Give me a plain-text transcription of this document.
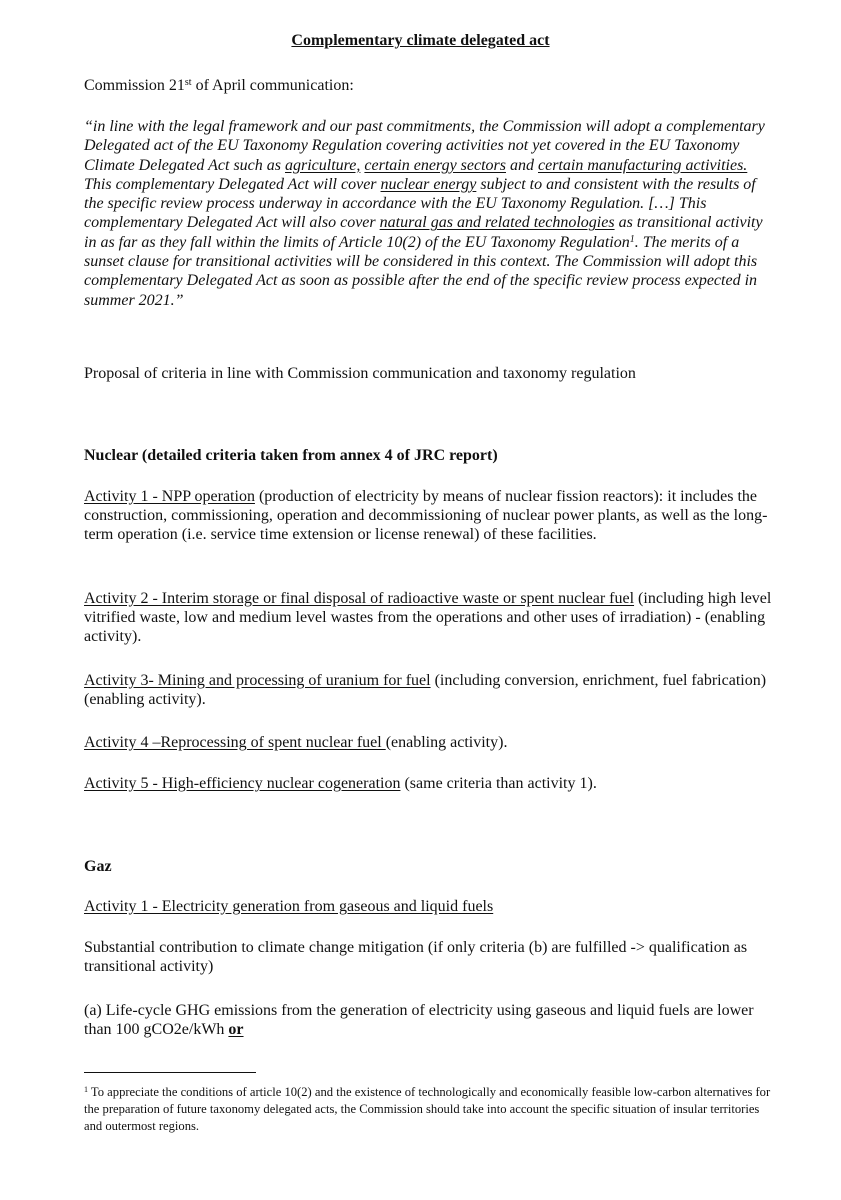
Complementary climate delegated act
Commission 21st of April communication:
“in line with the legal framework and our past commitments, the Commission will adopt a complementary Delegated act of the EU Taxonomy Regulation covering activities not yet covered in the EU Taxonomy Climate Delegated Act such as agriculture, certain energy sectors and certain manufacturing activities. This complementary Delegated Act will cover nuclear energy subject to and consistent with the results of the specific review process underway in accordance with the EU Taxonomy Regulation. […] This complementary Delegated Act will also cover natural gas and related technologies as transitional activity in as far as they fall within the limits of Article 10(2) of the EU Taxonomy Regulation$^1$. The merits of a sunset clause for transitional activities will be considered in this context. The Commission will adopt this complementary Delegated Act as soon as possible after the end of the specific review process expected in summer 2021.”
Proposal of criteria in line with Commission communication and taxonomy regulation
Nuclear (detailed criteria taken from annex 4 of JRC report)
Activity 1 - NPP operation (production of electricity by means of nuclear fission reactors): it includes the construction, commissioning, operation and decommissioning of nuclear power plants, as well as the long-term operation (i.e. service time extension or license renewal) of these facilities.
Activity 2 - Interim storage or final disposal of radioactive waste or spent nuclear fuel (including high level vitrified waste, low and medium level wastes from the operations and other uses of irradiation) - (enabling activity).
Activity 3- Mining and processing of uranium for fuel (including conversion, enrichment, fuel fabrication) (enabling activity).
Activity 4 –Reprocessing of spent nuclear fuel (enabling activity).
Activity 5 - High-efficiency nuclear cogeneration (same criteria than activity 1).
Gaz
Activity 1 - Electricity generation from gaseous and liquid fuels
Substantial contribution to climate change mitigation (if only criteria (b) are fulfilled -> qualification as transitional activity)
(a) Life-cycle GHG emissions from the generation of electricity using gaseous and liquid fuels are lower than 100 gCO2e/kWh or
$^1$ To appreciate the conditions of article 10(2) and the existence of technologically and economically feasible low-carbon alternatives for the preparation of future taxonomy delegated acts, the Commission should take into account the specific situation of insular territories and outermost regions.
